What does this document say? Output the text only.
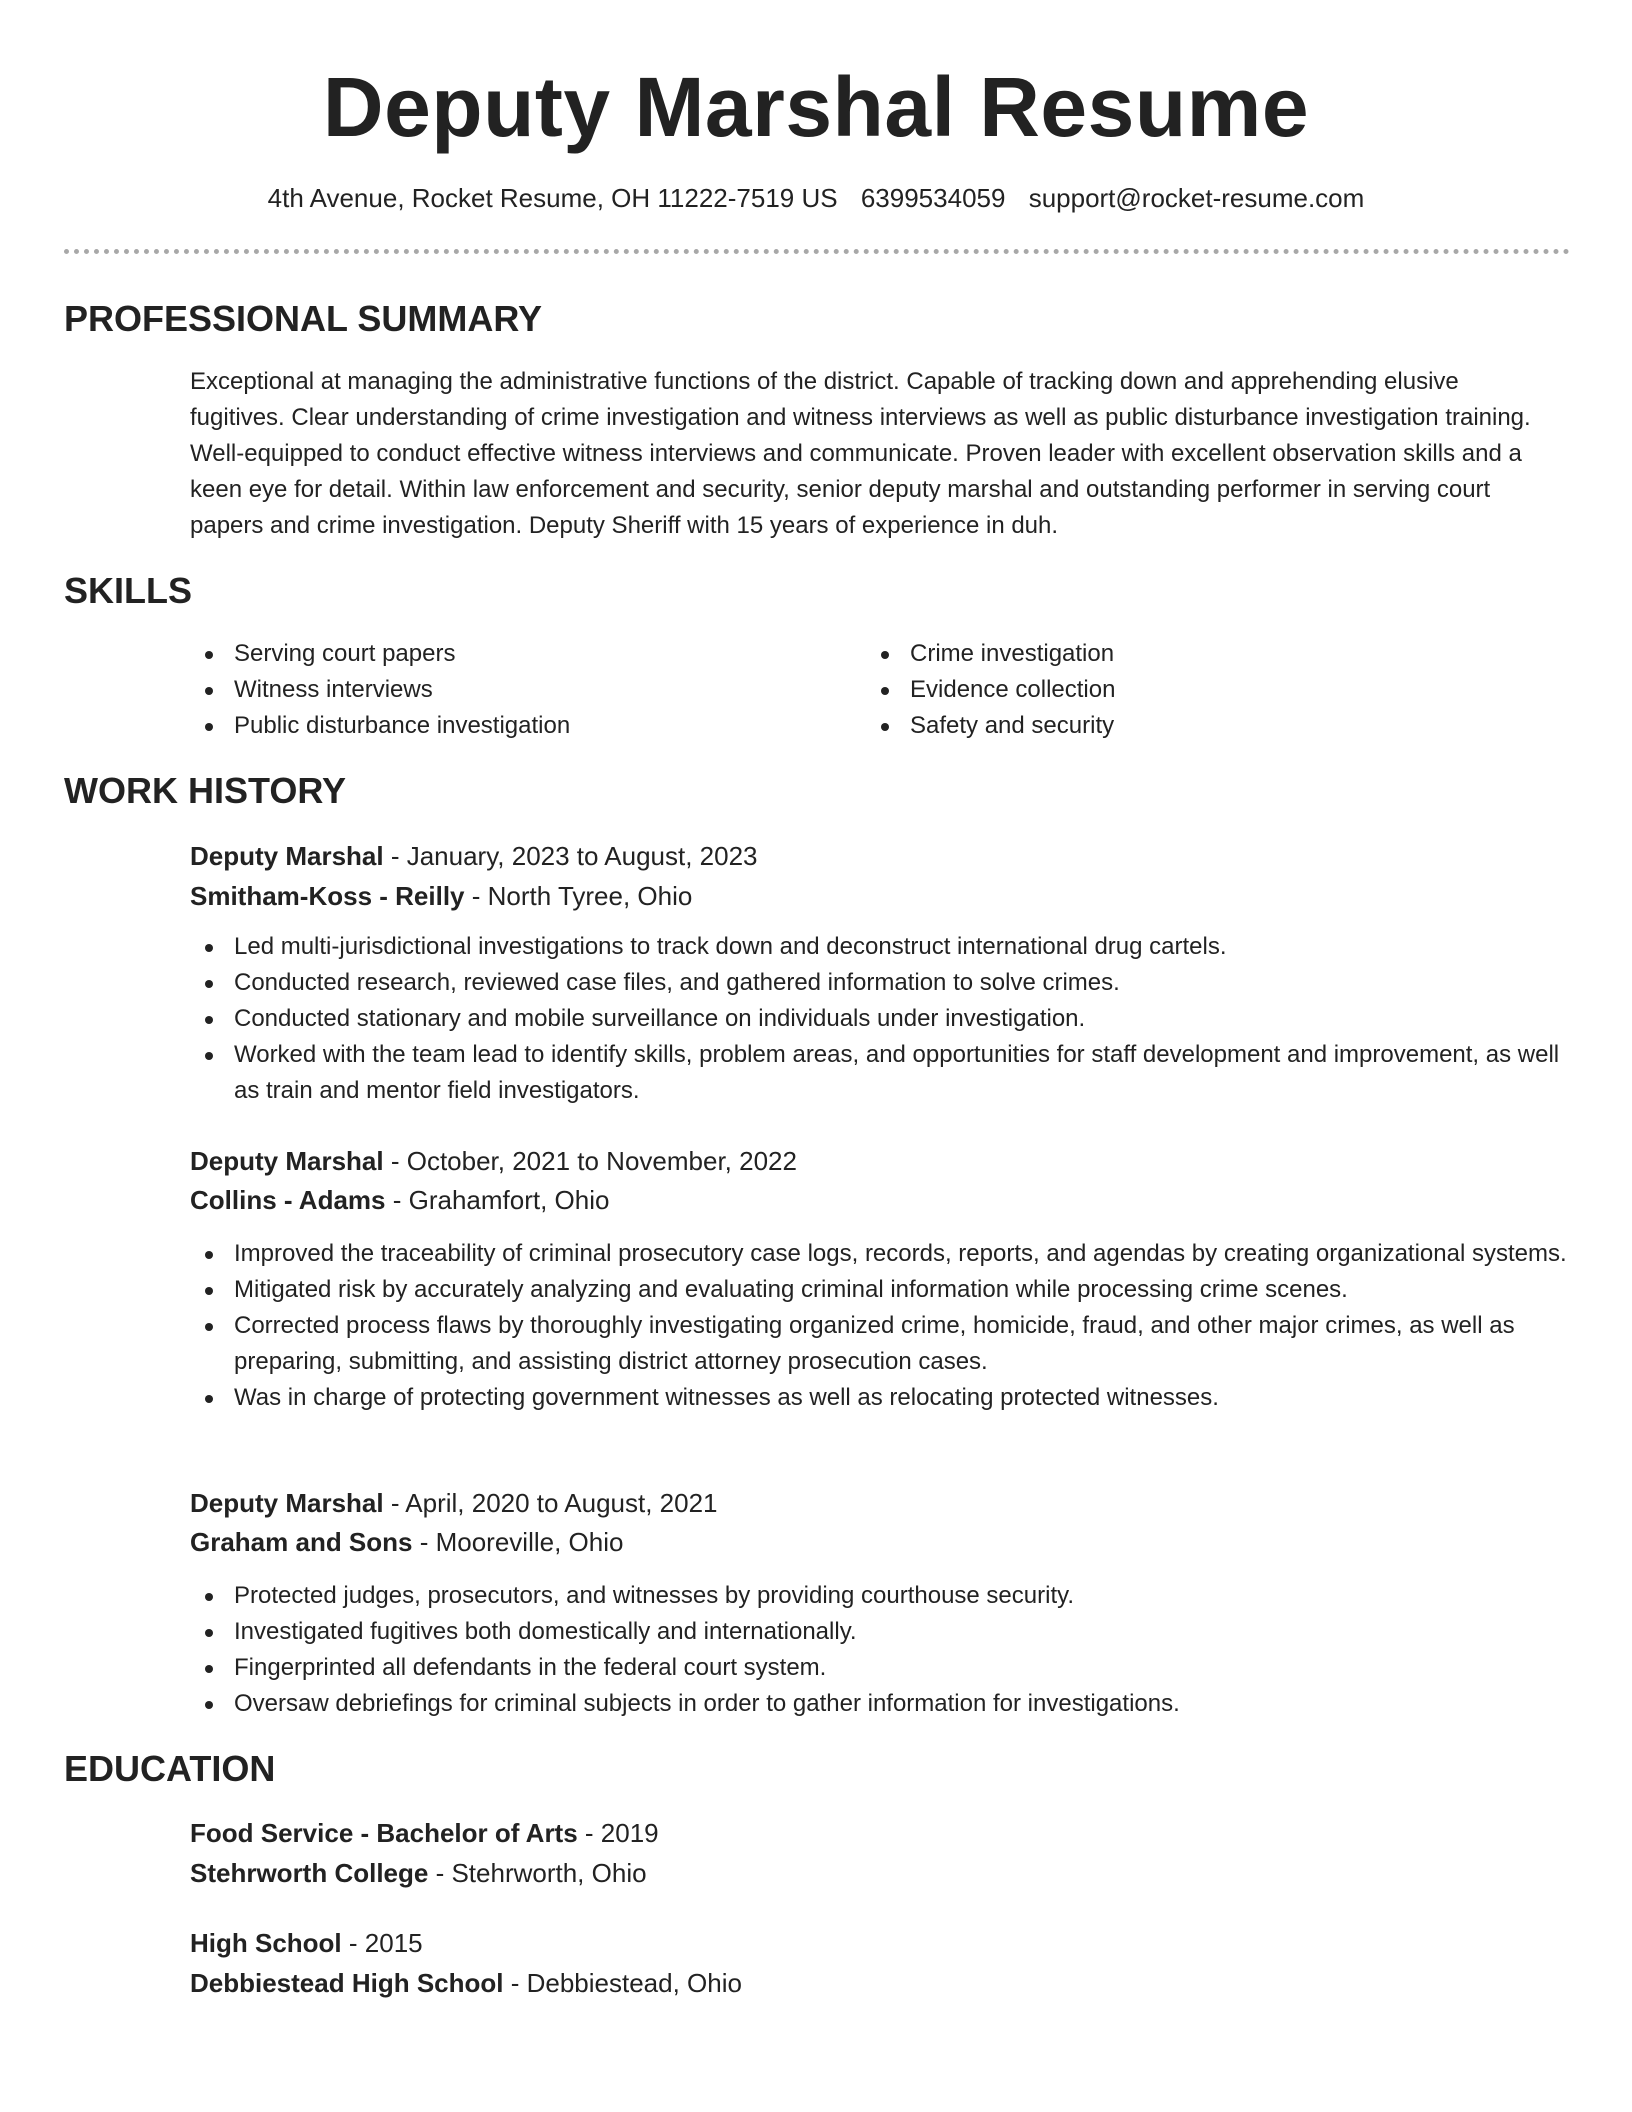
Deputy Marshal Resume
4th Avenue, Rocket Resume, OH 11222-7519 US 6399534059 support@rocket-resume.com
PROFESSIONAL SUMMARY

Exceptional at managing the administrative functions of the district. Capable of tracking down and apprehending elusive fugitives. Clear understanding of crime investigation and witness interviews as well as public disturbance investigation training. Well-equipped to conduct effective witness interviews and communicate. Proven leader with excellent observation skills and a keen eye for detail. Within law enforcement and security, senior deputy marshal and outstanding performer in serving court papers and crime investigation. Deputy Sheriff with 15 years of experience in duh.

SKILLS
Serving court papers
Witness interviews
Public disturbance investigation
Crime investigation
Evidence collection
Safety and security
WORK HISTORY
Deputy Marshal - January, 2023 to August, 2023
Smitham-Koss - Reilly - North Tyree, Ohio
Led multi-jurisdictional investigations to track down and deconstruct international drug cartels.
Conducted research, reviewed case files, and gathered information to solve crimes.
Conducted stationary and mobile surveillance on individuals under investigation.
Worked with the team lead to identify skills, problem areas, and opportunities for staff development and improvement, as well as train and mentor field investigators.
Deputy Marshal - October, 2021 to November, 2022
Collins - Adams - Grahamfort, Ohio
Improved the traceability of criminal prosecutory case logs, records, reports, and agendas by creating organizational systems.
Mitigated risk by accurately analyzing and evaluating criminal information while processing crime scenes.
Corrected process flaws by thoroughly investigating organized crime, homicide, fraud, and other major crimes, as well as preparing, submitting, and assisting district attorney prosecution cases.
Was in charge of protecting government witnesses as well as relocating protected witnesses.
Deputy Marshal - April, 2020 to August, 2021
Graham and Sons - Mooreville, Ohio
Protected judges, prosecutors, and witnesses by providing courthouse security.
Investigated fugitives both domestically and internationally.
Fingerprinted all defendants in the federal court system.
Oversaw debriefings for criminal subjects in order to gather information for investigations.
EDUCATION
Food Service - Bachelor of Arts - 2019
Stehrworth College - Stehrworth, Ohio
High School - 2015
Debbiestead High School - Debbiestead, Ohio
